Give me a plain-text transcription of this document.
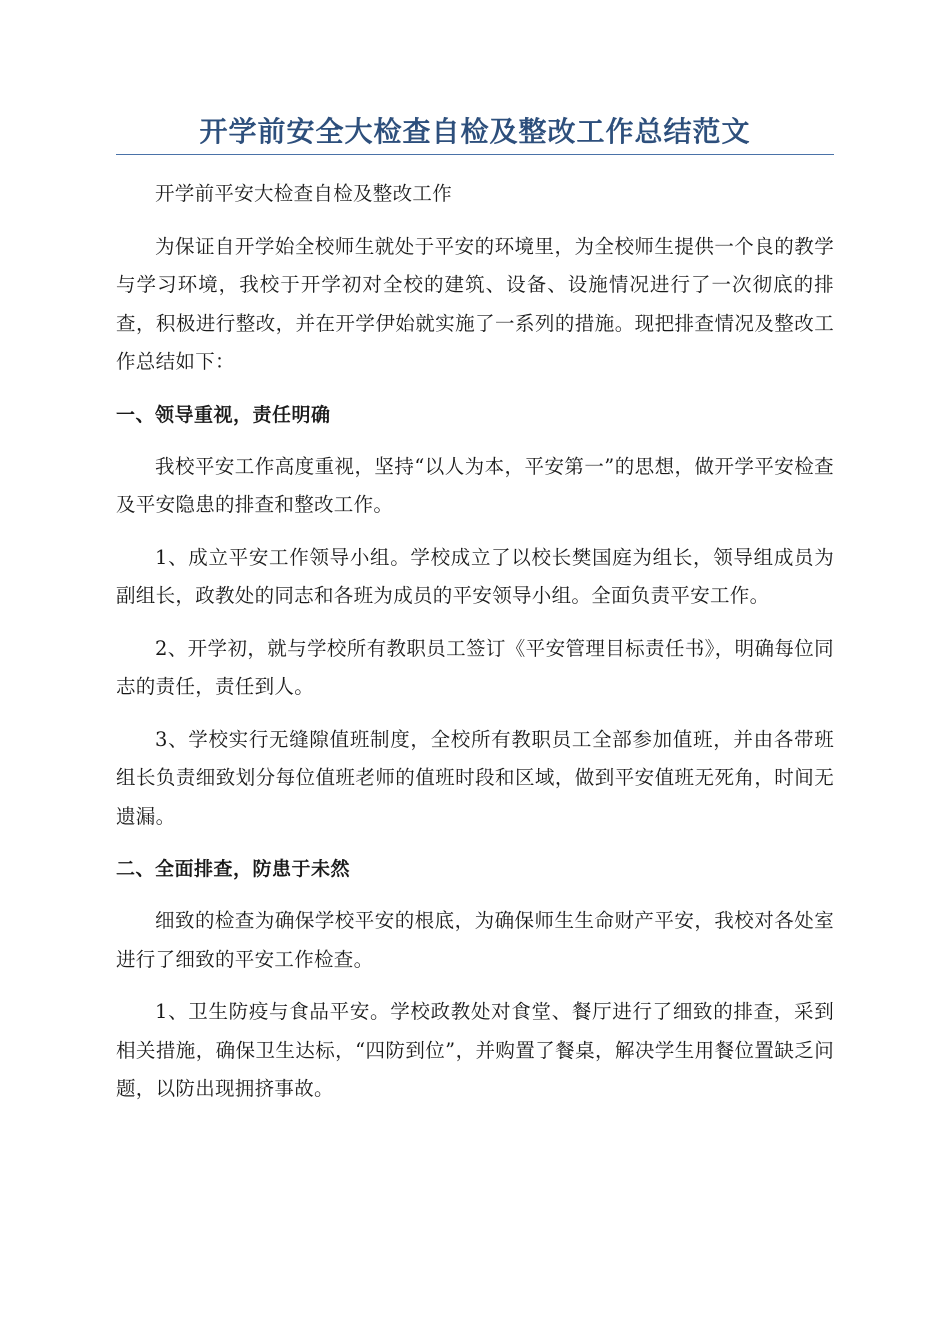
开学前安全大检查自检及整改工作总结范文

开学前平安大检查自检及整改工作

为保证自开学始全校师生就处于平安的环境里，为全校师生提供一个良的教学与学习环境，我校于开学初对全校的建筑、设备、设施情况进行了一次彻底的排查，积极进行整改，并在开学伊始就实施了一系列的措施。现把排查情况及整改工作总结如下：

一、领导重视，责任明确

我校平安工作高度重视，坚持“以人为本，平安第一”的思想，做开学平安检查及平安隐患的排查和整改工作。

1、成立平安工作领导小组。学校成立了以校长樊国庭为组长，领导组成员为副组长，政教处的同志和各班为成员的平安领导小组。全面负责平安工作。

2、开学初，就与学校所有教职员工签订《平安管理目标责任书》，明确每位同志的责任，责任到人。

3、学校实行无缝隙值班制度，全校所有教职员工全部参加值班，并由各带班组长负责细致划分每位值班老师的值班时段和区域，做到平安值班无死角，时间无遗漏。

二、全面排查，防患于未然

细致的检查为确保学校平安的根底，为确保师生生命财产平安，我校对各处室进行了细致的平安工作检查。

1、卫生防疫与食品平安。学校政教处对食堂、餐厅进行了细致的排查，采到相关措施，确保卫生达标，“四防到位”，并购置了餐桌，解决学生用餐位置缺乏问题，以防出现拥挤事故。
